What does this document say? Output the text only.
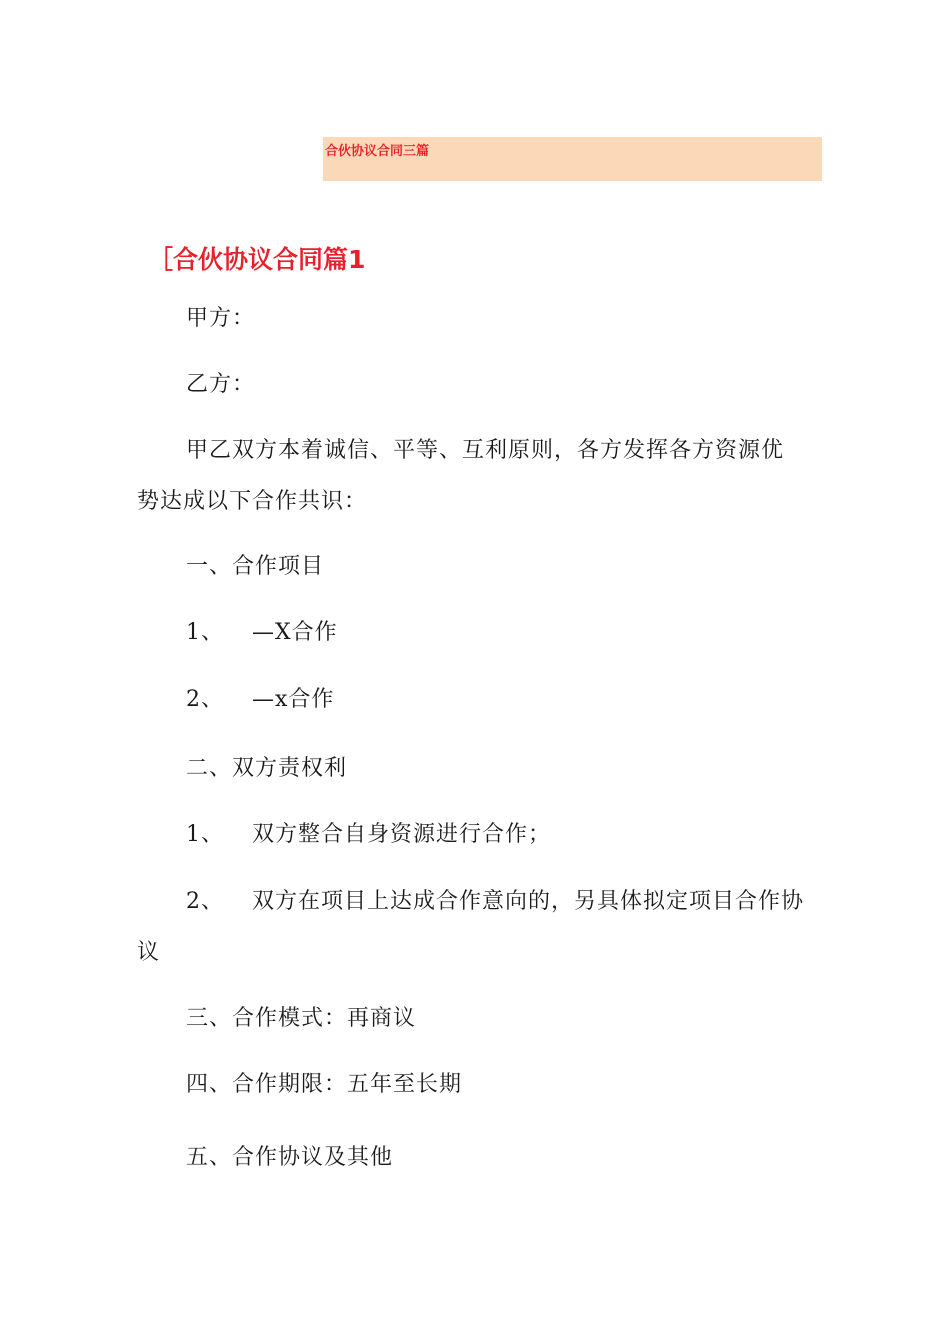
合伙协议合同三篇
［合伙协议合同篇1
甲方：
乙方：
甲乙双方本着诚信、平等、互利原则，各方发挥各方资源优
势达成以下合作共识：
一、合作项目
1、 —X合作
2、 —x合作
二、双方责权利
1、 双方整合自身资源进行合作；
2、 双方在项目上达成合作意向的，另具体拟定项目合作协
议
三、合作模式：再商议
四、合作期限：五年至长期
五、合作协议及其他
